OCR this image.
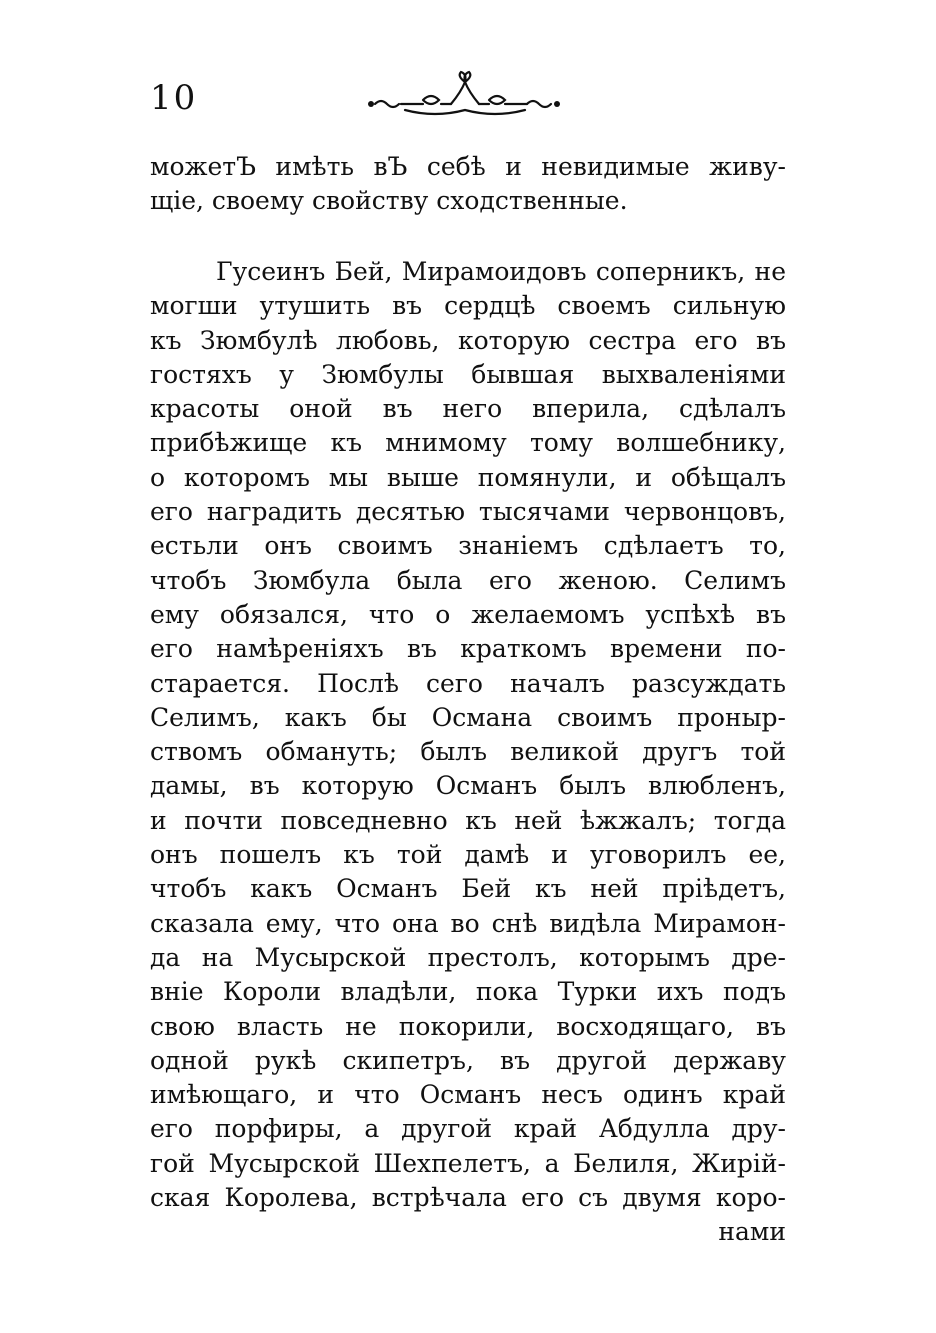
10
можетЪ имѣть вЪ себѣ и невидимые живу-
щіе, своему свойству сходственные.
Гусеинъ Бей, Мирамоидовъ соперникъ, не
могши утушить въ сердцѣ своемъ сильную
къ Зюмбулѣ любовь, которую сестра его въ
гостяхъ у Зюмбулы бывшая выхваленіями
красоты оной въ него вперила, сдѣлалъ
прибѣжище къ мнимому тому волшебнику,
о которомъ мы выше помянули, и обѣщалъ
его наградить десятью тысячами червонцовъ,
естьли онъ своимъ знаніемъ сдѣлаетъ то,
чтобъ Зюмбула была его женою. Селимъ
ему обязался, что о желаемомъ успѣхѣ въ
его намѣреніяхъ въ краткомъ времени по-
старается. Послѣ сего началъ разсуждать
Селимъ, какъ бы Османа своимъ проныр-
ствомъ обмануть; былъ великой другъ той
дамы, въ которую Османъ былъ влюбленъ,
и почти повседневно къ ней ѣжжалъ; тогда
онъ пошелъ къ той дамѣ и уговорилъ ее,
чтобъ какъ Османъ Бей къ ней пріѣдетъ,
сказала ему, что она во снѣ видѣла Мирамон-
да на Мусырской престолъ, которымъ дре-
вніе Короли владѣли, пока Турки ихъ подъ
свою власть не покорили, восходящаго, въ
одной рукѣ скипетръ, въ другой державу
имѣющаго, и что Османъ несъ одинъ край
его порфиры, а другой край Абдулла дру-
гой Мусырской Шехпелетъ, а Белиля, Жирій-
ская Королева, встрѣчала его съ двумя коро-
нами
